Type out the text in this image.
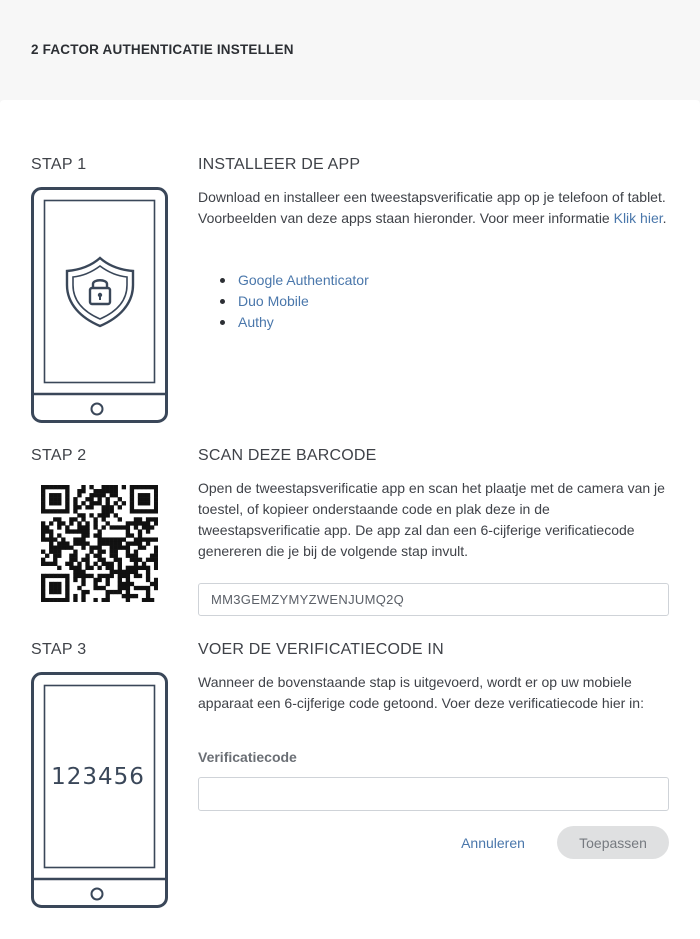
2 FACTOR AUTHENTICATIE INSTELLEN
STAP 1	INSTALLEER DE APP
Download en installeer een tweestapsverificatie app op je telefoon of tablet. Voorbeelden van deze apps staan hieronder. Voor meer informatie Klik hier.
Google Authenticator
Duo Mobile
Authy
STAP 2	SCAN DEZE BARCODE
Open de tweestapsverificatie app en scan het plaatje met de camera van je toestel, of kopieer onderstaande code en plak deze in de tweestapsverificatie app. De app zal dan een 6-cijferige verificatiecode genereren die je bij de volgende stap invult.
MM3GEMZYMYZWENJUMQ2Q
STAP 3	VOER DE VERIFICATIECODE IN
123456
Wanneer de bovenstaande stap is uitgevoerd, wordt er op uw mobiele apparaat een 6-cijferige code getoond. Voer deze verificatiecode hier in:
Verificatiecode
Annuleren	Toepassen
